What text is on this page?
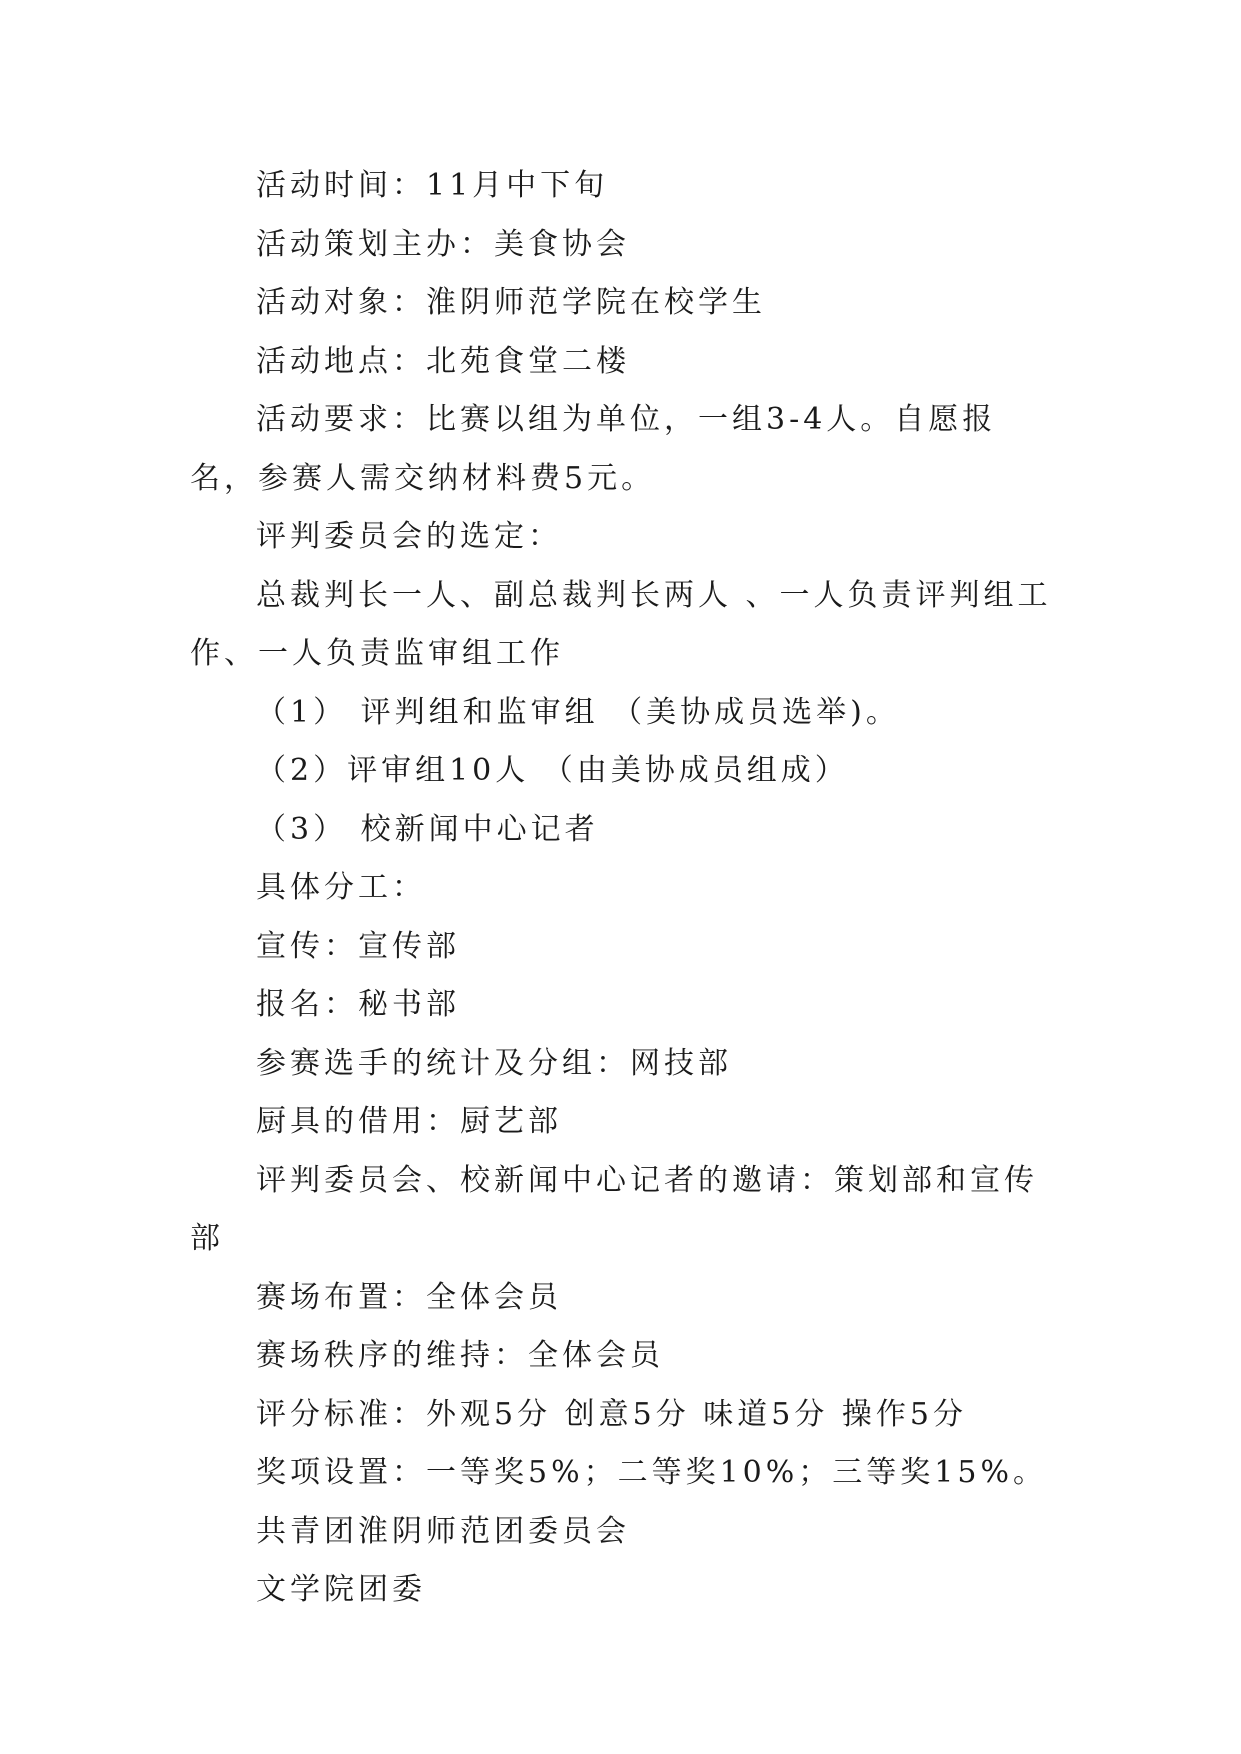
活动时间：11月中下旬

活动策划主办：美食协会

活动对象：淮阴师范学院在校学生

活动地点：北苑食堂二楼

活动要求：比赛以组为单位，一组3-4人。自愿报名，参赛人需交纳材料费5元。

评判委员会的选定：

总裁判长一人、副总裁判长两人 、一人负责评判组工作、一人负责监审组工作

（1） 评判组和监审组 （美协成员选举)。

（2）评审组10人 （由美协成员组成）

（3） 校新闻中心记者

具体分工：

宣传：宣传部

报名：秘书部

参赛选手的统计及分组：网技部

厨具的借用：厨艺部

评判委员会、校新闻中心记者的邀请：策划部和宣传部

赛场布置：全体会员

赛场秩序的维持：全体会员

评分标准：外观5分 创意5分 味道5分 操作5分

奖项设置：一等奖5%；二等奖10%；三等奖15%。

共青团淮阴师范团委员会

文学院团委
